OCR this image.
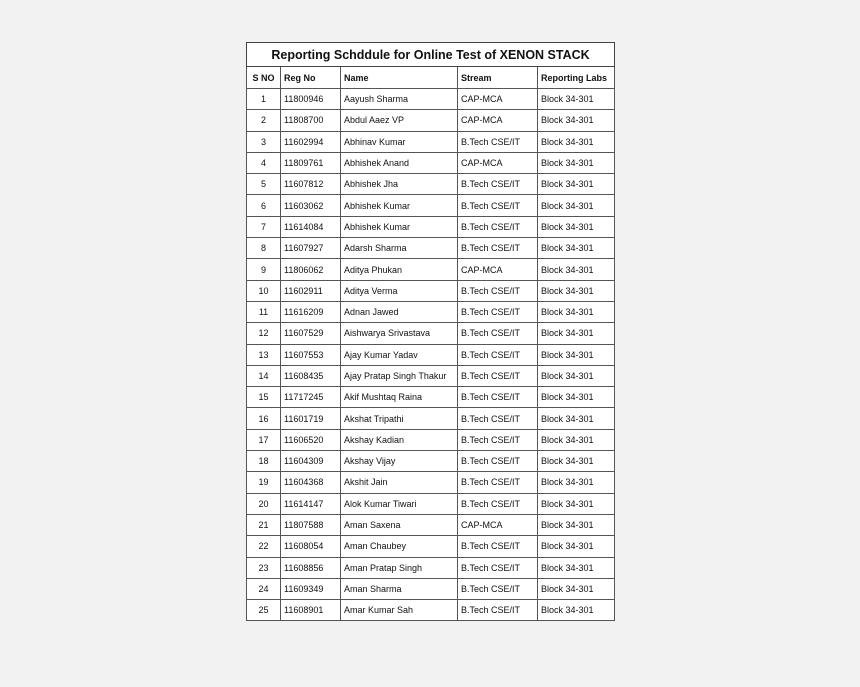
Reporting Schddule for Online Test of XENON STACK				
S NO	Reg No	Name	Stream	Reporting Labs
1	11800946	Aayush Sharma	CAP-MCA	Block 34-301
2	11808700	Abdul Aaez VP	CAP-MCA	Block 34-301
3	11602994	Abhinav Kumar	B.Tech CSE/IT	Block 34-301
4	11809761	Abhishek Anand	CAP-MCA	Block 34-301
5	11607812	Abhishek Jha	B.Tech CSE/IT	Block 34-301
6	11603062	Abhishek Kumar	B.Tech CSE/IT	Block 34-301
7	11614084	Abhishek Kumar	B.Tech CSE/IT	Block 34-301
8	11607927	Adarsh Sharma	B.Tech CSE/IT	Block 34-301
9	11806062	Aditya Phukan	CAP-MCA	Block 34-301
10	11602911	Aditya Verma	B.Tech CSE/IT	Block 34-301
11	11616209	Adnan Jawed	B.Tech CSE/IT	Block 34-301
12	11607529	Aishwarya Srivastava	B.Tech CSE/IT	Block 34-301
13	11607553	Ajay Kumar Yadav	B.Tech CSE/IT	Block 34-301
14	11608435	Ajay Pratap Singh Thakur	B.Tech CSE/IT	Block 34-301
15	11717245	Akif Mushtaq Raina	B.Tech CSE/IT	Block 34-301
16	11601719	Akshat Tripathi	B.Tech CSE/IT	Block 34-301
17	11606520	Akshay Kadian	B.Tech CSE/IT	Block 34-301
18	11604309	Akshay Vijay	B.Tech CSE/IT	Block 34-301
19	11604368	Akshit Jain	B.Tech CSE/IT	Block 34-301
20	11614147	Alok Kumar Tiwari	B.Tech CSE/IT	Block 34-301
21	11807588	Aman Saxena	CAP-MCA	Block 34-301
22	11608054	Aman Chaubey	B.Tech CSE/IT	Block 34-301
23	11608856	Aman Pratap Singh	B.Tech CSE/IT	Block 34-301
24	11609349	Aman Sharma	B.Tech CSE/IT	Block 34-301
25	11608901	Amar Kumar Sah	B.Tech CSE/IT	Block 34-301
